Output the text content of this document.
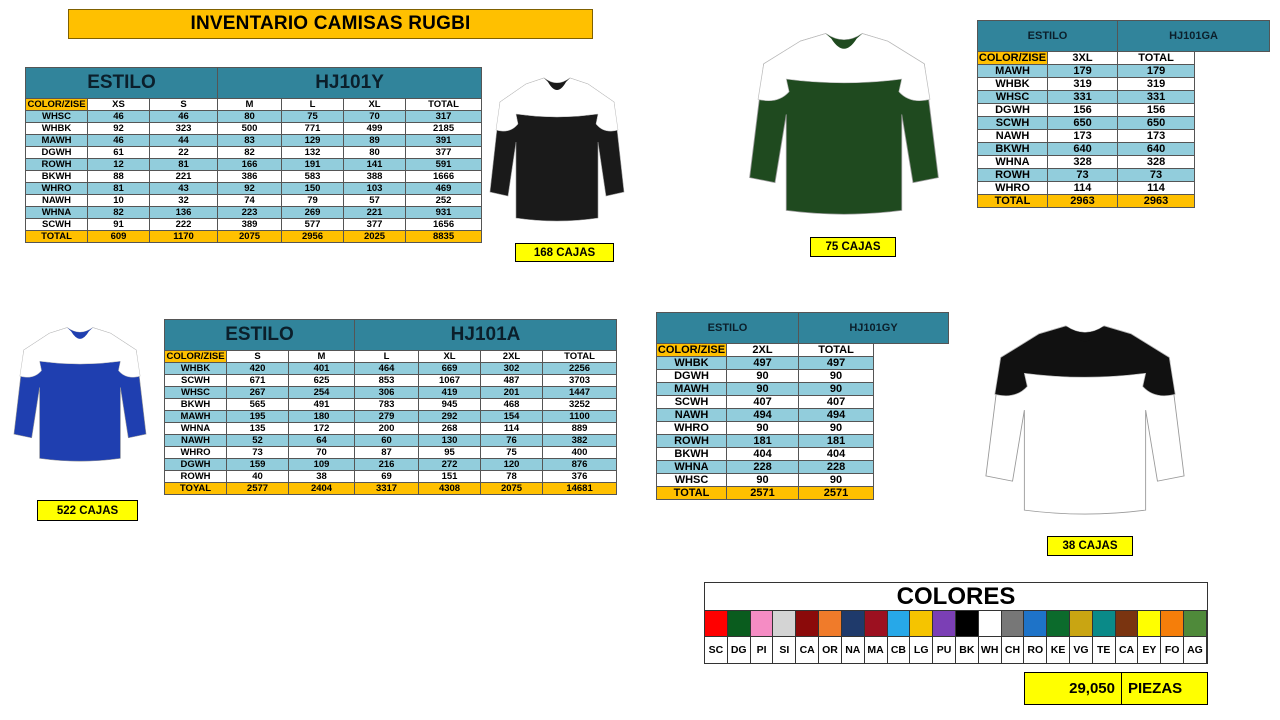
INVENTARIO CAMISAS RUGBI
ESTILO			HJ101Y			
COLOR/ZISE	XS	S	M	L	XL	TOTAL
WHSC	46	46	80	75	70	317
WHBK	92	323	500	771	499	2185
MAWH	46	44	83	129	89	391
DGWH	61	22	82	132	80	377
ROWH	12	81	166	191	141	591
BKWH	88	221	386	583	388	1666
WHRO	81	43	92	150	103	469
NAWH	10	32	74	79	57	252
WHNA	82	136	223	269	221	931
SCWH	91	222	389	577	377	1656
TOTAL	609	1170	2075	2956	2025	8835
168 CAJAS	75 CAJAS
ESTILO		HJ101GA	
COLOR/ZISE	3XL	TOTAL	
MAWH	179	179	
WHBK	319	319	
WHSC	331	331	
DGWH	156	156	
SCWH	650	650	
NAWH	173	173	
BKWH	640	640	
WHNA	328	328	
ROWH	73	73	
WHRO	114	114	
TOTAL	2963	2963	
522 CAJAS
ESTILO			HJ101A			
COLOR/ZISE	S	M	L	XL	2XL	TOTAL
WHBK	420	401	464	669	302	2256
SCWH	671	625	853	1067	487	3703
WHSC	267	254	306	419	201	1447
BKWH	565	491	783	945	468	3252
MAWH	195	180	279	292	154	1100
WHNA	135	172	200	268	114	889
NAWH	52	64	60	130	76	382
WHRO	73	70	87	95	75	400
DGWH	159	109	216	272	120	876
ROWH	40	38	69	151	78	376
TOYAL	2577	2404	3317	4308	2075	14681
ESTILO		HJ101GY	
COLOR/ZISE	2XL	TOTAL	
WHBK	497	497	
DGWH	90	90	
MAWH	90	90	
SCWH	407	407	
NAWH	494	494	
WHRO	90	90	
ROWH	181	181	
BKWH	404	404	
WHNA	228	228	
WHSC	90	90	
TOTAL	2571	2571	
38 CAJAS
COLORES
SC DG PI	SI CA OR NA MA CB LG PU BK WH CH RO KE VG TE CA EY FO AG
29,050 PIEZAS
